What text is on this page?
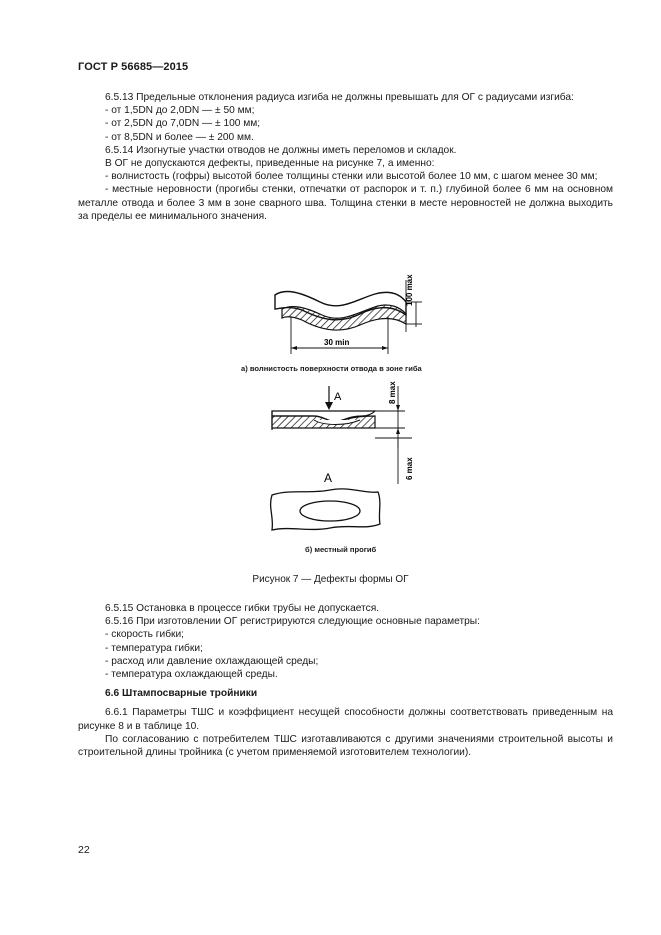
ГОСТ Р 56685—2015

6.5.13 Предельные отклонения радиуса изгиба не должны превышать для ОГ с радиусами изгиба:

- от 1,5DN до 2,0DN — ± 50 мм;

- от 2,5DN до 7,0DN — ± 100 мм;

- от 8,5DN и более — ± 200 мм.

6.5.14 Изогнутые участки отводов не должны иметь переломов и складок.

В ОГ не допускаются дефекты, приведенные на рисунке 7, а именно:

- волнистость (гофры) высотой более толщины стенки или высотой более 10 мм, с шагом менее 30 мм;

- местные неровности (прогибы стенки, отпечатки от распорок и т. п.) глубиной более 6 мм на основном металле отвода и более 3 мм в зоне сварного шва. Толщина стенки в месте неровностей не должна выходить за пределы ее минимального значения.

100 max
30 min
А	8 max
6 max
А
а) волнистость поверхности отвода в зоне гиба
б) местный прогиб
Рисунок 7 — Дефекты формы ОГ

6.5.15 Остановка в процессе гибки трубы не допускается.

6.5.16 При изготовлении ОГ регистрируются следующие основные параметры:

- скорость гибки;

- температура гибки;

- расход или давление охлаждающей среды;

- температура охлаждающей среды.

6.6 Штампосварные тройники

6.6.1 Параметры ТШС и коэффициент несущей способности должны соответствовать приведенным на рисунке 8 и в таблице 10.

По согласованию с потребителем ТШС изготавливаются с другими значениями строительной высоты и строительной длины тройника (с учетом применяемой изготовителем технологии).

22
